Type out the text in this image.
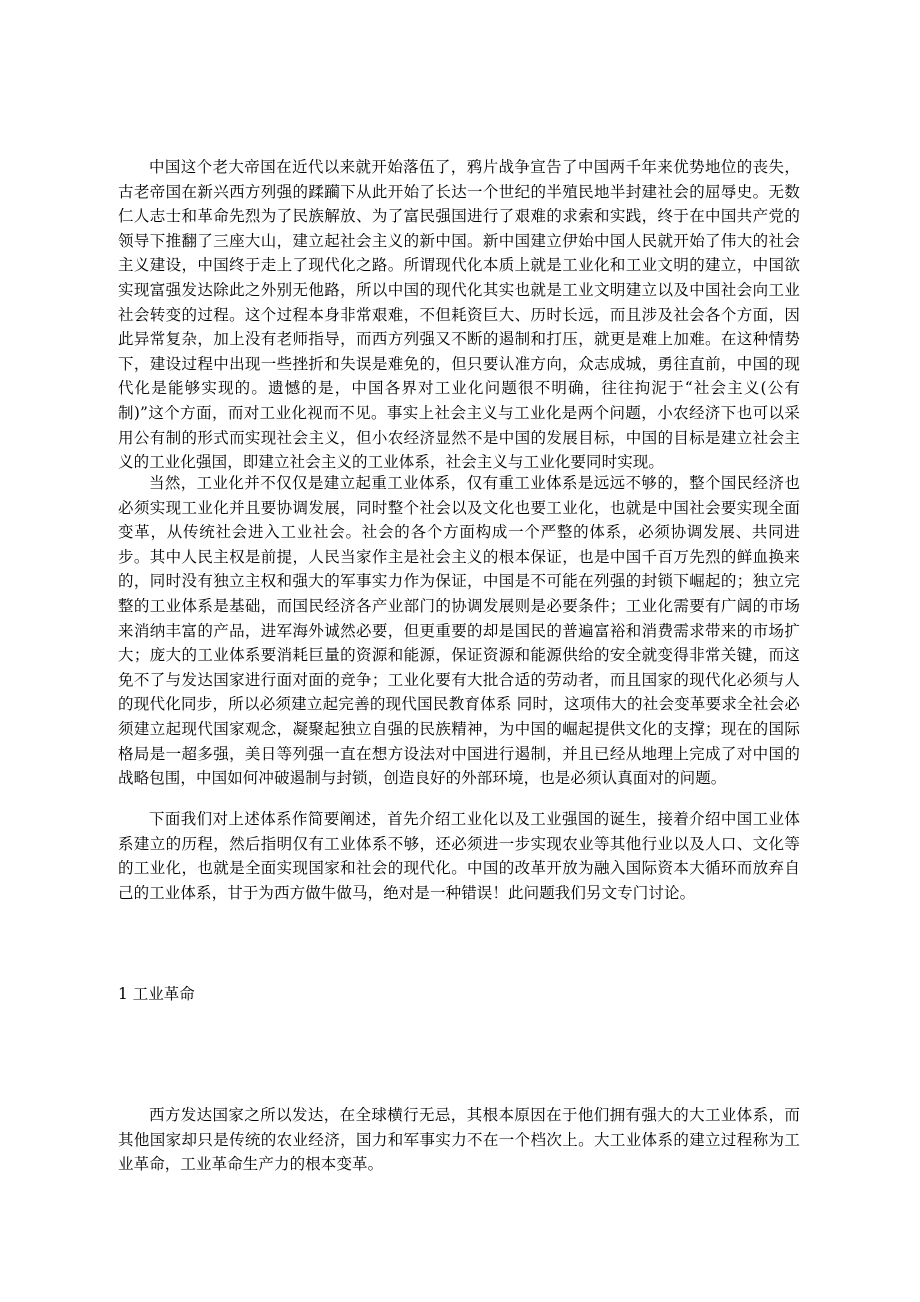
中国这个老大帝国在近代以来就开始落伍了，鸦片战争宣告了中国两千年来优势地位的丧失，古老帝国在新兴西方列强的蹂躏下从此开始了长达一个世纪的半殖民地半封建社会的屈辱史。无数仁人志士和革命先烈为了民族解放、为了富民强国进行了艰难的求索和实践，终于在中国共产党的领导下推翻了三座大山，建立起社会主义的新中国。新中国建立伊始中国人民就开始了伟大的社会主义建设，中国终于走上了现代化之路。所谓现代化本质上就是工业化和工业文明的建立，中国欲实现富强发达除此之外别无他路，所以中国的现代化其实也就是工业文明建立以及中国社会向工业社会转变的过程。这个过程本身非常艰难，不但耗资巨大、历时长远，而且涉及社会各个方面，因此异常复杂，加上没有老师指导，而西方列强又不断的遏制和打压，就更是难上加难。在这种情势下，建设过程中出现一些挫折和失误是难免的，但只要认准方向，众志成城，勇往直前，中国的现代化是能够实现的。遗憾的是，中国各界对工业化问题很不明确，往往拘泥于“社会主义(公有制)”这个方面，而对工业化视而不见。事实上社会主义与工业化是两个问题，小农经济下也可以采用公有制的形式而实现社会主义，但小农经济显然不是中国的发展目标，中国的目标是建立社会主义的工业化强国，即建立社会主义的工业体系，社会主义与工业化要同时实现。

当然，工业化并不仅仅是建立起重工业体系，仅有重工业体系是远远不够的，整个国民经济也必须实现工业化并且要协调发展，同时整个社会以及文化也要工业化，也就是中国社会要实现全面变革，从传统社会进入工业社会。社会的各个方面构成一个严整的体系，必须协调发展、共同进步。其中人民主权是前提，人民当家作主是社会主义的根本保证，也是中国千百万先烈的鲜血换来的，同时没有独立主权和强大的军事实力作为保证，中国是不可能在列强的封锁下崛起的；独立完整的工业体系是基础，而国民经济各产业部门的协调发展则是必要条件；工业化需要有广阔的市场来消纳丰富的产品，进军海外诚然必要，但更重要的却是国民的普遍富裕和消费需求带来的市场扩大；庞大的工业体系要消耗巨量的资源和能源，保证资源和能源供给的安全就变得非常关键，而这免不了与发达国家进行面对面的竞争；工业化要有大批合适的劳动者，而且国家的现代化必须与人的现代化同步，所以必须建立起完善的现代国民教育体系 同时，这项伟大的社会变革要求全社会必须建立起现代国家观念，凝聚起独立自强的民族精神，为中国的崛起提供文化的支撑；现在的国际格局是一超多强，美日等列强一直在想方设法对中国进行遏制，并且已经从地理上完成了对中国的战略包围，中国如何冲破遏制与封锁，创造良好的外部环境，也是必须认真面对的问题。

下面我们对上述体系作简要阐述，首先介绍工业化以及工业强国的诞生，接着介绍中国工业体系建立的历程，然后指明仅有工业体系不够，还必须进一步实现农业等其他行业以及人口、文化等的工业化，也就是全面实现国家和社会的现代化。中国的改革开放为融入国际资本大循环而放弃自己的工业体系，甘于为西方做牛做马，绝对是一种错误！此问题我们另文专门讨论。

1 工业革命

西方发达国家之所以发达，在全球横行无忌，其根本原因在于他们拥有强大的大工业体系，而其他国家却只是传统的农业经济，国力和军事实力不在一个档次上。大工业体系的建立过程称为工业革命，工业革命生产力的根本变革。
